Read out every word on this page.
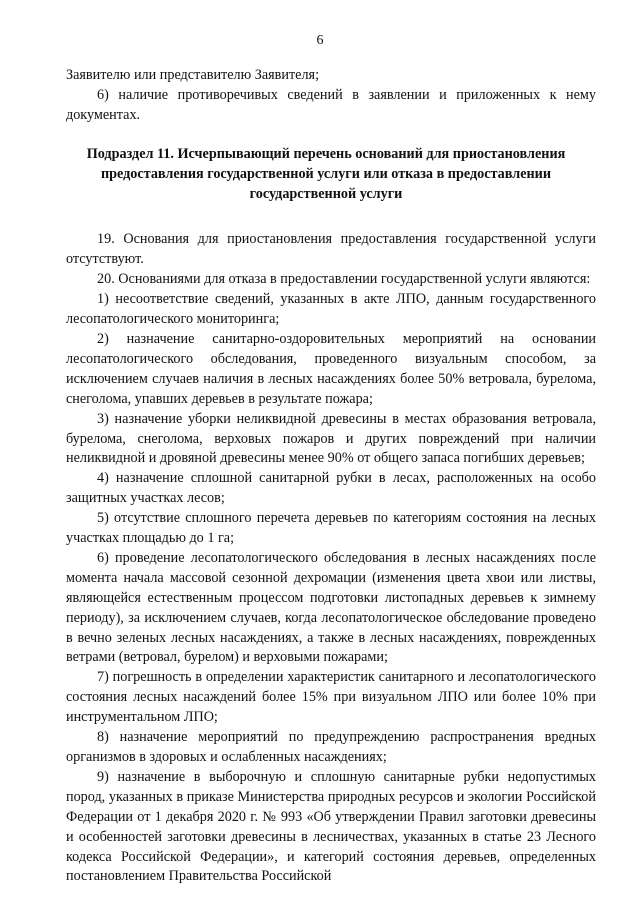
6

Заявителю или представителю Заявителя;

6) наличие противоречивых сведений в заявлении и приложенных к нему документах.

Подраздел 11. Исчерпывающий перечень оснований для приостановления предоставления государственной услуги или отказа в предоставлении государственной услуги

19. Основания для приостановления предоставления государственной услуги отсутствуют.

20. Основаниями для отказа в предоставлении государственной услуги являются:

1) несоответствие сведений, указанных в акте ЛПО, данным государственного лесопатологического мониторинга;

2) назначение санитарно-оздоровительных мероприятий на основании лесопатологического обследования, проведенного визуальным способом, за исключением случаев наличия в лесных насаждениях более 50% ветровала, бурелома, снеголома, упавших деревьев в результате пожара;

3) назначение уборки неликвидной древесины в местах образования ветровала, бурелома, снеголома, верховых пожаров и других повреждений при наличии неликвидной и дровяной древесины менее 90% от общего запаса погибших деревьев;

4) назначение сплошной санитарной рубки в лесах, расположенных на особо защитных участках лесов;

5) отсутствие сплошного перечета деревьев по категориям состояния на лесных участках площадью до 1 га;

6) проведение лесопатологического обследования в лесных насаждениях после момента начала массовой сезонной дехромации (изменения цвета хвои или листвы, являющейся естественным процессом подготовки листопадных деревьев к зимнему периоду), за исключением случаев, когда лесопатологическое обследование проведено в вечно зеленых лесных насаждениях, а также в лесных насаждениях, поврежденных ветрами (ветровал, бурелом) и верховыми пожарами;

7) погрешность в определении характеристик санитарного и лесопатологического состояния лесных насаждений более 15% при визуальном ЛПО или более 10% при инструментальном ЛПО;

8) назначение мероприятий по предупреждению распространения вредных организмов в здоровых и ослабленных насаждениях;

9) назначение в выборочную и сплошную санитарные рубки недопустимых пород, указанных в приказе Министерства природных ресурсов и экологии Российской Федерации от 1 декабря 2020 г. № 993 «Об утверждении Правил заготовки древесины и особенностей заготовки древесины в лесничествах, указанных в статье 23 Лесного кодекса Российской Федерации», и категорий состояния деревьев, определенных постановлением Правительства Российской
